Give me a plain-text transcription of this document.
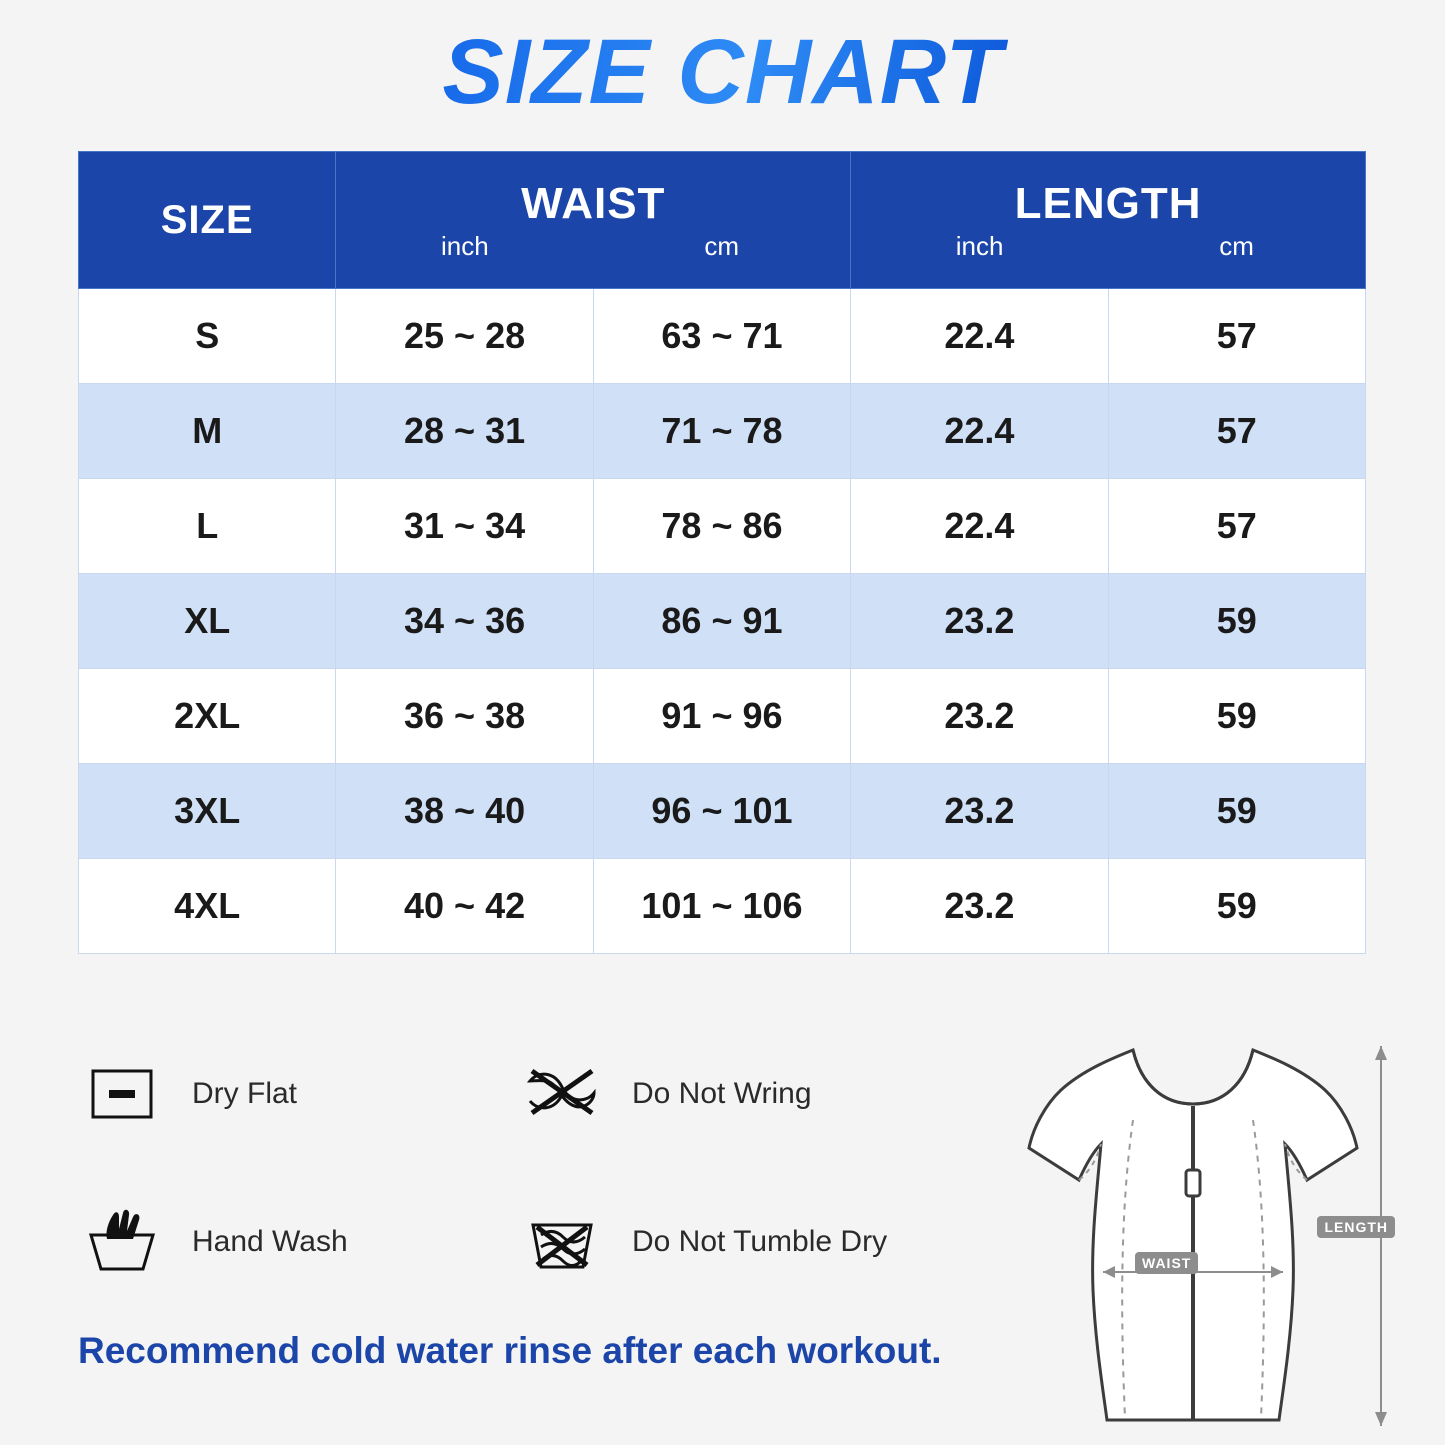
SIZE CHART
SIZE	WAIST
inch	cm

LENGTH
inch	cm

S	25 ~ 28	63 ~ 71	22.4	57
M	28 ~ 31	71 ~ 78	22.4	57
L	31 ~ 34	78 ~ 86	22.4	57
XL	34 ~ 36	86 ~ 91	23.2	59
2XL	36 ~ 38	91 ~ 96	23.2	59
3XL	38 ~ 40	96 ~ 101	23.2	59
4XL	40 ~ 42	101 ~ 106	23.2	59
Dry Flat	Do Not Wring
Hand Wash	Do Not Tumble Dry
Recommend cold water rinse after each workout.
LENGTH
WAIST
